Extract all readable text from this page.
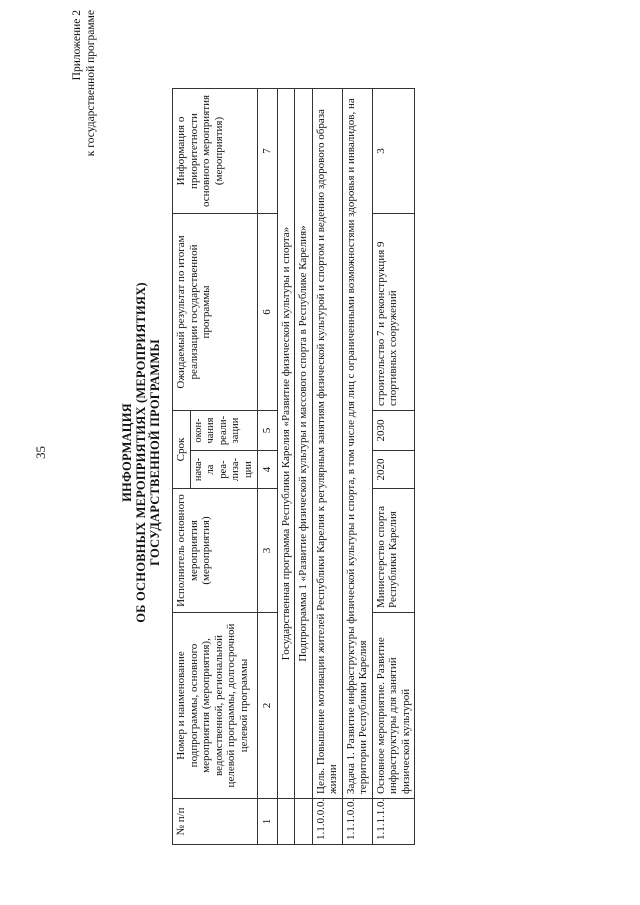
35
Приложение 2 к государственной программе
ИНФОРМАЦИЯ ОБ ОСНОВНЫХ МЕРОПРИЯТИЯХ (МЕРОПРИЯТИЯХ) ГОСУДАРСТВЕННОЙ ПРОГРАММЫ
№ п/п	Номер и наименование подпрограммы, основного мероприятия (мероприятия), ведомственной, региональной целевой программы, долгосрочной целевой программы	Исполнитель основного мероприятия (мероприятия)	Срок		Ожидаемый результат по итогам реализации государственной программы	Информация о приоритетности основного мероприятия (мероприятия)
			нача-ла реа-лиза-ции	окон-чания реали-зации		
1	2	3	4	5	6	7
	Государственная программа Республики Карелия «Развитие физической культуры и спорта»					
	Подпрограмма 1 «Развитие физической культуры и массового спорта в Республике Карелия»					
1.1.0.0.0.	Цель. Повышение мотивации жителей Республики Карелия к регулярным занятиям физической культурой и спортом и ведению здорового образа жизни					
1.1.1.0.0.	Задача 1. Развитие инфраструктуры физической культуры и спорта, в том числе для лиц с ограниченными возможностями здоровья и инвалидов, на территории Республики Карелия					
1.1.1.1.0.	Основное мероприятие. Развитие инфраструктуры для занятий физической культурой	Министерство спорта Республики Карелия	2020	2030	строительство 7 и реконструкция 9 спортивных сооружений	3
